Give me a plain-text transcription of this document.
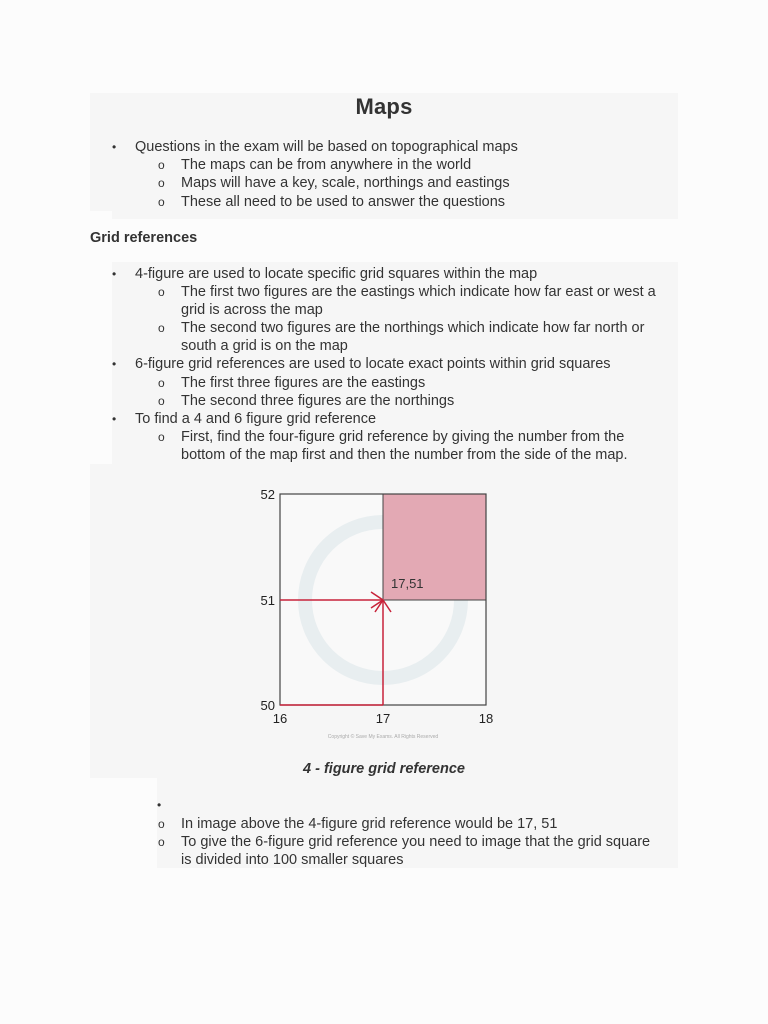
Maps
• Questions in the exam will be based on topographical maps
o The maps can be from anywhere in the world
o Maps will have a key, scale, northings and eastings
o These all need to be used to answer the questions
Grid references
• 4-figure are used to locate specific grid squares within the map
o The first two figures are the eastings which indicate how far east or west a
grid is across the map
o The second two figures are the northings which indicate how far north or
south a grid is on the map
• 6-figure grid references are used to locate exact points within grid squares
o The first three figures are the eastings
o The second three figures are the northings
• To find a 4 and 6 figure grid reference
o First, find the four-figure grid reference by giving the number from the
bottom of the map first and then the number from the side of the map.
17,51
52
51
50
16	17	18
Copyright © Save My Exams. All Rights Reserved
4 - figure grid reference
•
o In image above the 4-figure grid reference would be 17, 51
o To give the 6-figure grid reference you need to image that the grid square
is divided into 100 smaller squares
